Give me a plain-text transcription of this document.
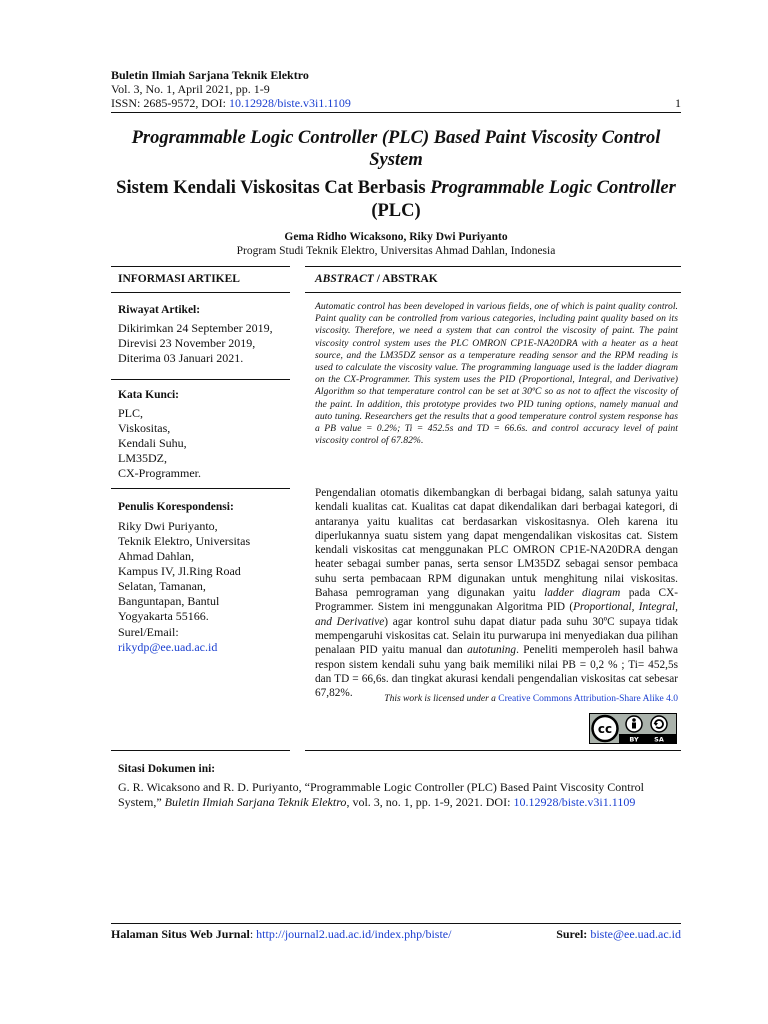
Buletin Ilmiah Sarjana Teknik Elektro
Vol. 3, No. 1, April 2021, pp. 1-9
ISSN: 2685-9572, DOI: 10.12928/biste.v3i1.1109	1
Programmable Logic Controller (PLC) Based Paint Viscosity Control System
Sistem Kendali Viskositas Cat Berbasis Programmable Logic Controller (PLC)
Gema Ridho Wicaksono, Riky Dwi Puriyanto
Program Studi Teknik Elektro, Universitas Ahmad Dahlan, Indonesia
INFORMASI ARTIKEL
Riwayat Artikel:
Dikirimkan 24 September 2019,
Direvisi 23 November 2019,
Diterima 03 Januari 2021.
Kata Kunci:
PLC,
Viskositas,
Kendali Suhu,
LM35DZ,
CX-Programmer.
Penulis Korespondensi:
Riky Dwi Puriyanto,
Teknik Elektro, Universitas
Ahmad Dahlan,
Kampus IV, Jl.Ring Road
Selatan, Tamanan,
Banguntapan, Bantul
Yogyakarta 55166.
Surel/Email:
rikydp@ee.uad.ac.id
ABSTRACT / ABSTRAK
Automatic control has been developed in various fields, one of which is paint quality control. Paint quality can be controlled from various categories, including paint quality based on its viscosity. Therefore, we need a system that can control the viscosity of paint. The paint viscosity control system uses the PLC OMRON CP1E-NA20DRA with a heater as a heat source, and the LM35DZ sensor as a temperature reading sensor and the RPM reading is used to calculate the viscosity value. The programming language used is the ladder diagram on the CX-Programmer. This system uses the PID (Proportional, Integral, and Derivative) Algorithm so that temperature control can be set at 30ºC so as not to affect the viscosity of the paint. In addition, this prototype provides two PID tuning options, namely manual and auto tuning. Researchers get the results that a good temperature control system response has a PB value = 0.2%; Ti = 452.5s and TD = 66.6s. and control accuracy level of paint viscosity control of 67.82%.
Pengendalian otomatis dikembangkan di berbagai bidang, salah satunya yaitu kendali kualitas cat. Kualitas cat dapat dikendalikan dari berbagai kategori, di antaranya yaitu kualitas cat berdasarkan viskositasnya. Oleh karena itu diperlukannya suatu sistem yang dapat mengendalikan viskositas cat. Sistem kendali viskositas cat menggunakan PLC OMRON CP1E-NA20DRA dengan heater sebagai sumber panas, serta sensor LM35DZ sebagai sensor pembaca suhu serta pembacaan RPM digunakan untuk menghitung nilai viskositas. Bahasa pemrograman yang digunakan yaitu ladder diagram pada CX-Programmer. Sistem ini menggunakan Algoritma PID (Proportional, Integral, and Derivative) agar kontrol suhu dapat diatur pada suhu 30ºC supaya tidak mempengaruhi viskositas cat. Selain itu purwarupa ini menyediakan dua pilihan penalaan PID yaitu manual dan autotuning. Peneliti memperoleh hasil bahwa respon sistem kendali suhu yang baik memiliki nilai PB = 0,2 % ; Ti= 452,5s dan TD = 66,6s. dan tingkat akurasi kendali pengendalian viskositas cat sebesar 67,82%.	This work is licensed under a Creative Commons Attribution-Share Alike 4.0
cc
BY SA
Sitasi Dokumen ini:
G. R. Wicaksono and R. D. Puriyanto, “Programmable Logic Controller (PLC) Based Paint Viscosity Control System,” Buletin Ilmiah Sarjana Teknik Elektro, vol. 3, no. 1, pp. 1-9, 2021. DOI: 10.12928/biste.v3i1.1109
Halaman Situs Web Jurnal: http://journal2.uad.ac.id/index.php/biste/	Surel: biste@ee.uad.ac.id
